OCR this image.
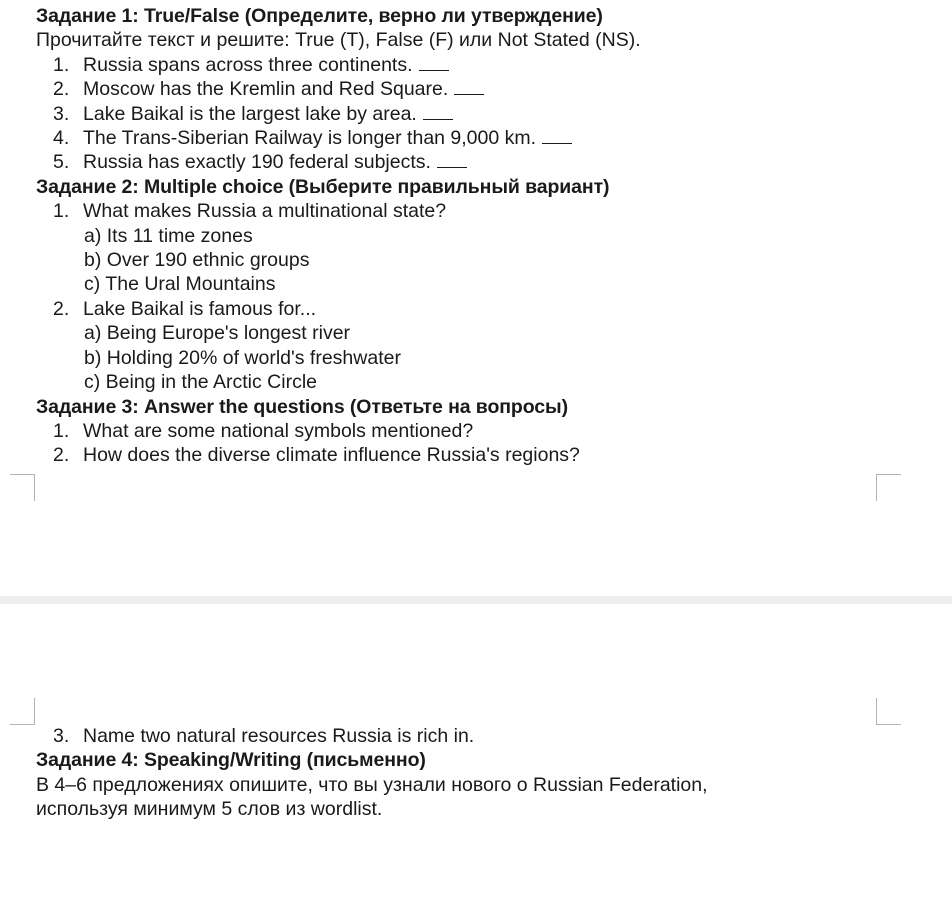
Задание 1: True/False (Определите, верно ли утверждение)
Прочитайте текст и решите: True (T), False (F) или Not Stated (NS).
1. Russia spans across three continents.
2. Moscow has the Kremlin and Red Square.
3. Lake Baikal is the largest lake by area.
4. The Trans-Siberian Railway is longer than 9,000 km.
5. Russia has exactly 190 federal subjects.
Задание 2: Multiple choice (Выберите правильный вариант)
1. What makes Russia a multinational state?
a) Its 11 time zones
b) Over 190 ethnic groups
c) The Ural Mountains
2. Lake Baikal is famous for...
a) Being Europe's longest river
b) Holding 20% of world's freshwater
c) Being in the Arctic Circle
Задание 3: Answer the questions (Ответьте на вопросы)
1. What are some national symbols mentioned?
2. How does the diverse climate influence Russia's regions?
3. Name two natural resources Russia is rich in.
Задание 4: Speaking/Writing (письменно)
В 4–6 предложениях опишите, что вы узнали нового о Russian Federation,
используя минимум 5 слов из wordlist.
